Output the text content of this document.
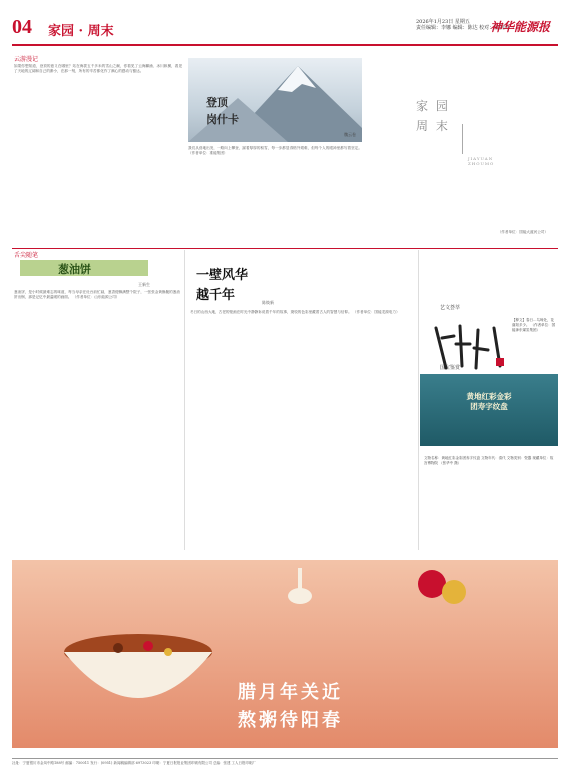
04 家园 · 周末
2026年1月23日 星期五
责任编辑：李娜 编辑：陈达 校对：陈剑鸿
神华能源报
云游漫记
如果你想知道，登顶的意义在哪里？站在海拔五千多米的雪山之巅，你看见了云海翻涌、冰川纵横，看见了天地的辽阔和自己的渺小，在那一刻，所有的辛苦都化作了满心的感动与豁达。
登顶
岗什卡
魏云卷
我们从营地出发，一路向上攀登，踩着厚厚的积雪，每一步都显得格外艰难，但每个人的眼神里都写着坚定。 （作者单位：准能集团）
（作者单位：国能大渡河公司）
家 园
周 末
JIAYUAN
ZHOUMO
舌尖随笔
葱油饼
王新生
葱油饼，是小时候最难忘的味道，每当母亲在灶台前忙碌，葱香便飘满整个院子，一张张金黄酥脆的葱油饼出锅，那是记忆中最温暖的画面。 （作者单位：山东能源公司）
一壁风华
越千年	陈焕新
冬日的山西大地，古老的壁画在时光中静静诉说着千年的故事，斑驳的色彩里藏着古人的智慧与信仰。 （作者单位：国能龙源电力）
艺文荟萃
【释文】春日…鸟啼处，花落知多少。 （作者单位：国能神东煤炭集团）
国宝鉴赏
黄地红彩金彩
团寿字纹盘
文物名称：黄地红彩金彩团寿字纹盘 文物年代：清代 文物类别：瓷器 现藏单位：故宫博物院 （张华中 摄）
腊月年关近
熬粥待阳春
社址：宁夏银川市金凤中路188号 邮编：750011 发行：(0951) 新闻稿编辑部 6973023 印刷：宁夏日报报业集团印刷有限公司 总编：张建 工人日报印刷厂
